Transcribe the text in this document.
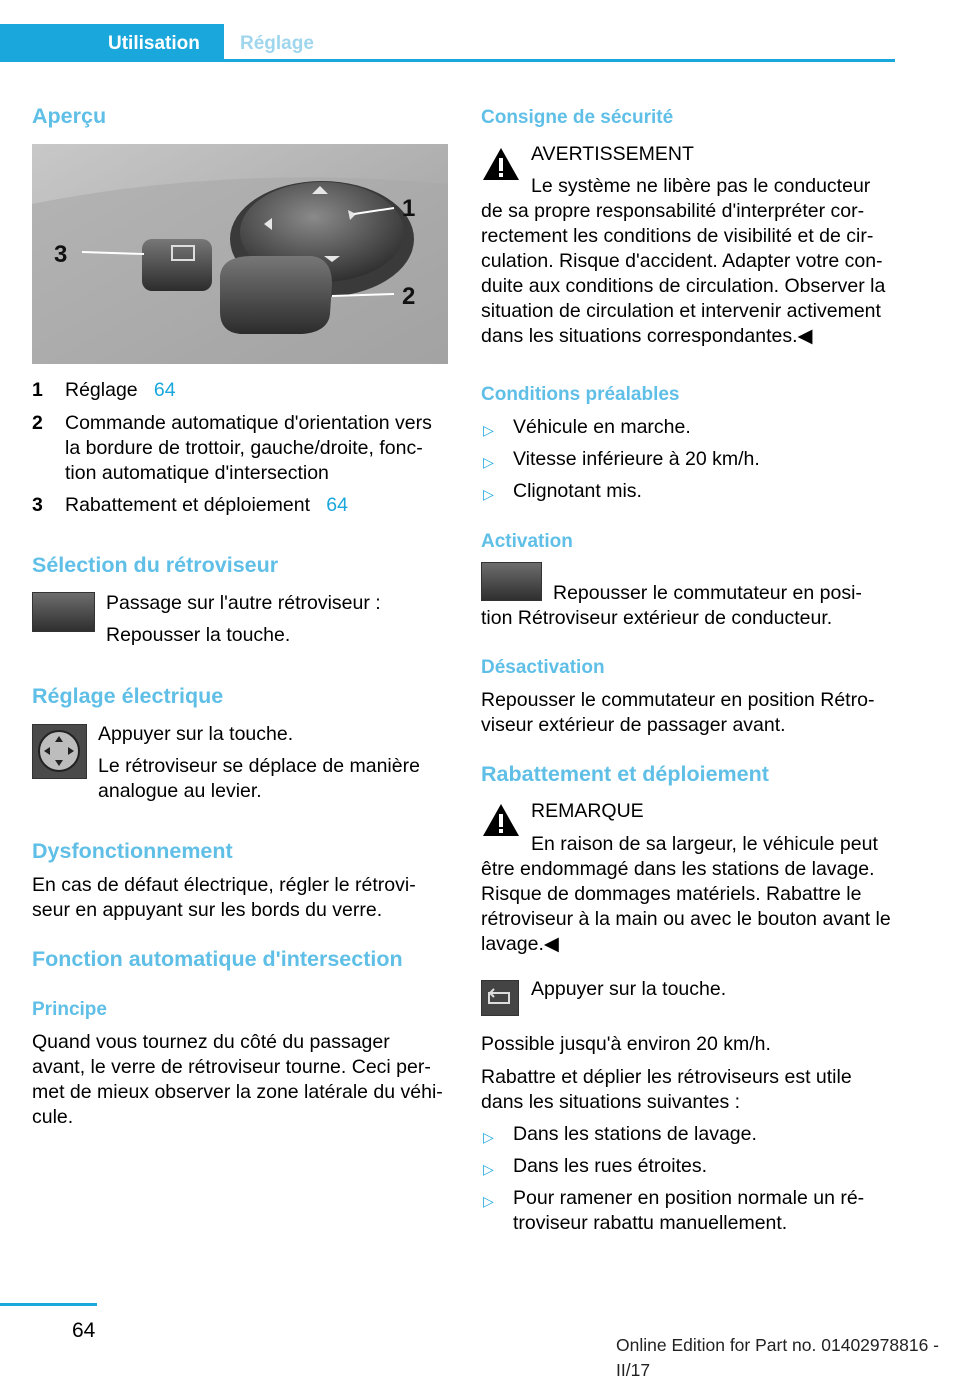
Utilisation Réglage
Aperçu
1
2
3
1 Réglage 64
2 Commande automatique d'orientation vers
la bordure de trottoir, gauche/droite, fonc‐
tion automatique d'intersection
3 Rabattement et déploiement 64
Sélection du rétroviseur
Passage sur l'autre rétroviseur :
Repousser la touche.
Réglage électrique
Appuyer sur la touche.
Le rétroviseur se déplace de manière
analogue au levier.
Dysfonctionnement
En cas de défaut électrique, régler le rétrovi‐
seur en appuyant sur les bords du verre.
Fonction automatique d'intersection
Principe
Quand vous tournez du côté du passager
avant, le verre de rétroviseur tourne. Ceci per‐
met de mieux observer la zone latérale du véhi‐
cule.
Consigne de sécurité
AVERTISSEMENT
Le système ne libère pas le conducteur
de sa propre responsabilité d'interpréter cor‐
rectement les conditions de visibilité et de cir‐
culation. Risque d'accident. Adapter votre con‐
duite aux conditions de circulation. Observer la
situation de circulation et intervenir activement
dans les situations correspondantes.◀
Conditions préalables
▷ Véhicule en marche.
▷ Vitesse inférieure à 20 km/h.
▷ Clignotant mis.
Activation
Repousser le commutateur en posi‐
tion Rétroviseur extérieur de conducteur.
Désactivation
Repousser le commutateur en position Rétro‐
viseur extérieur de passager avant.
Rabattement et déploiement
REMARQUE
En raison de sa largeur, le véhicule peut
être endommagé dans les stations de lavage.
Risque de dommages matériels. Rabattre le
rétroviseur à la main ou avec le bouton avant le
lavage.◀
Appuyer sur la touche.
Possible jusqu'à environ 20 km/h.
Rabattre et déplier les rétroviseurs est utile
dans les situations suivantes :
▷ Dans les stations de lavage.
▷ Dans les rues étroites.
▷ Pour ramener en position normale un ré‐
troviseur rabattu manuellement.
64
Online Edition for Part no. 01402978816 - II/17
